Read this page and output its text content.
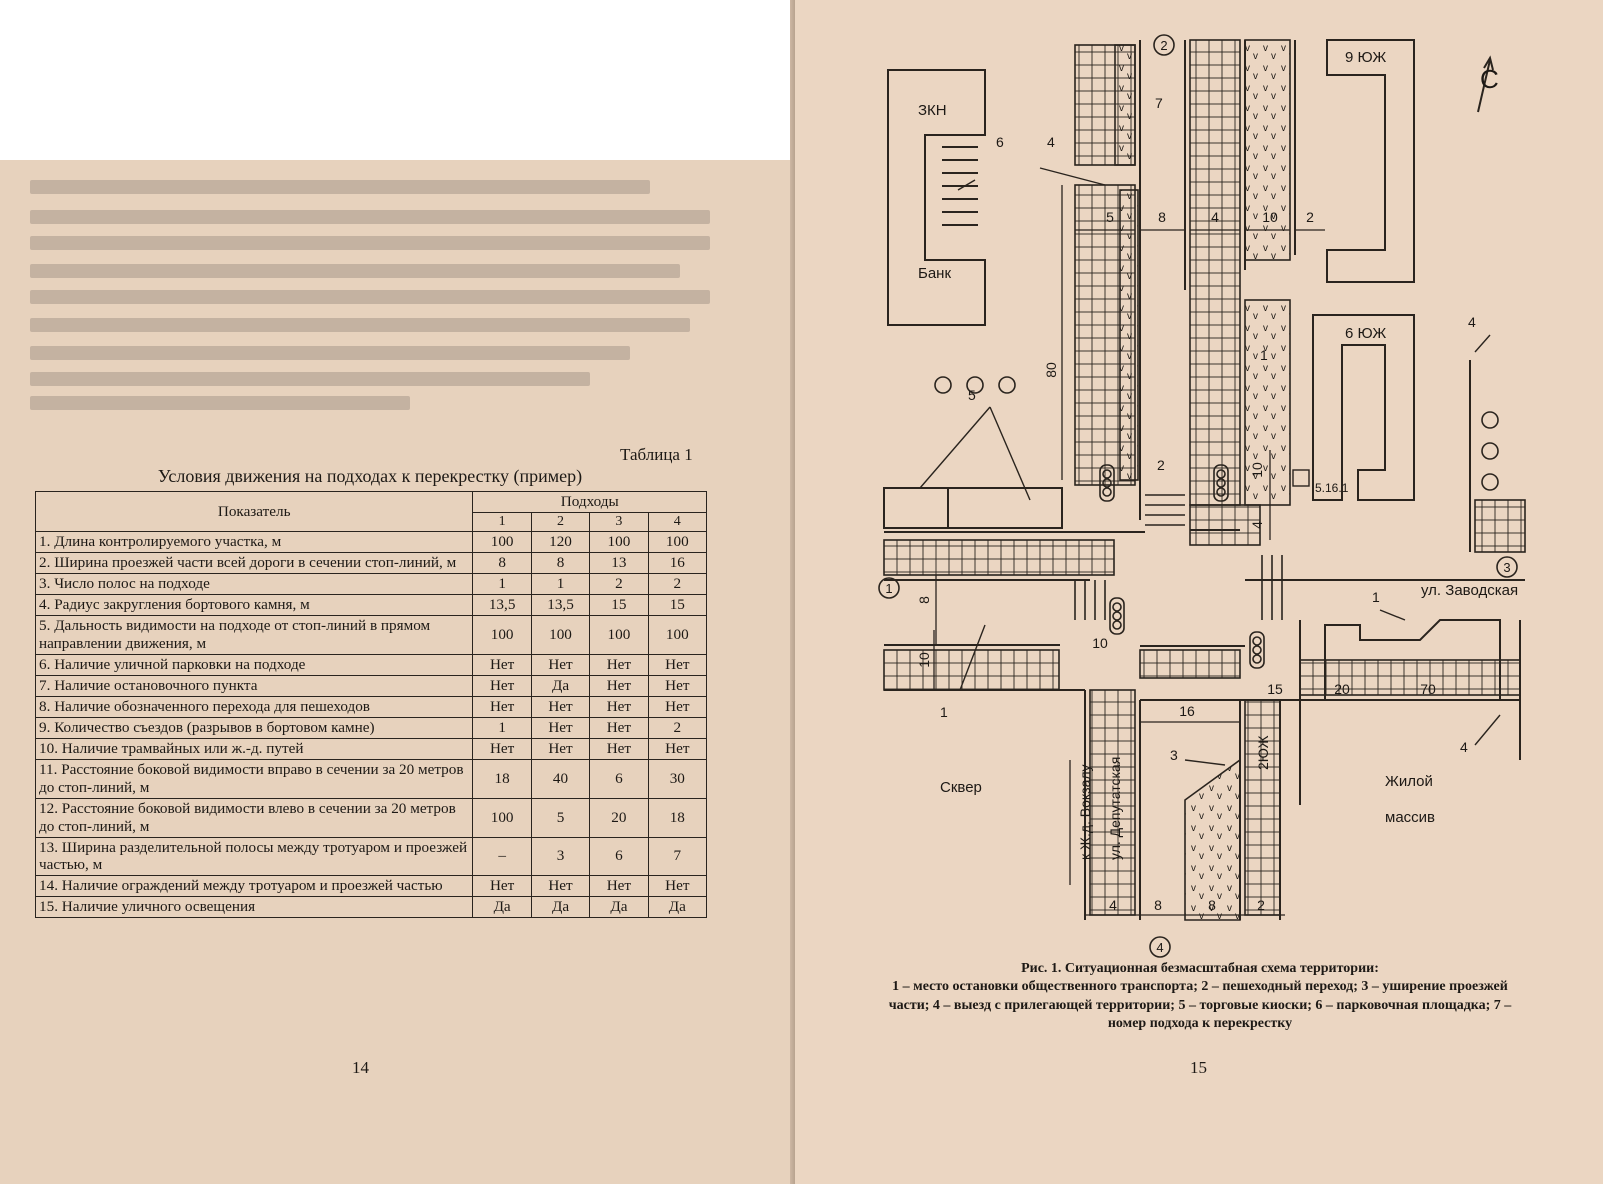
Таблица 1
Условия движения на подходах к перекрестку (пример)
Показатель	Подходы			
	1	2	3	4
1. Длина контролируемого участка, м	100	120	100	100
2. Ширина проезжей части всей дороги в сечении стоп-линий, м	8	8	13	16
3. Число полос на подходе	1	1	2	2
4. Радиус закругления бортового камня, м	13,5	13,5	15	15
5. Дальность видимости на подходе от стоп-линий в прямом направлении движения, м	100	100	100	100
6. Наличие уличной парковки на подходе	Нет	Нет	Нет	Нет
7. Наличие остановочного пункта	Нет	Да	Нет	Нет
8. Наличие обозначенного перехода для пешеходов	Нет	Нет	Нет	Нет
9. Количество съездов (разрывов в бортовом камне)	1	Нет	Нет	2
10. Наличие трамвайных или ж.-д. путей	Нет	Нет	Нет	Нет
11. Расстояние боковой видимости вправо в сечении за 20 метров до стоп-линий, м	18	40	6	30
12. Расстояние боковой видимости влево в сечении за 20 метров до стоп-линий, м	100	5	20	18
13. Ширина разделительной полосы между тротуаром и проезжей частью, м	–	3	6	7
14. Наличие ограждений между тротуаром и проезжей частью	Нет	Нет	Нет	Нет
15. Наличие уличного освещения	Да	Да	Да	Да
14
1
2
3
4
ЗКН
Банк
9 ЮЖ
6 ЮЖ
ул. Заводская
Сквер	Жилой
массив
ул. Депутатская
к Ж.д. Вокзалу
2ЮЖ
С
7
6	4
5
2
1
4
1
1
3	4
5	8	4	10 2
80
10
4
8
10
10
15	20	70
16
4	8	8	2
5.16.1
Рис. 1. Ситуационная безмасштабная схема территории:
1 – место остановки общественного транспорта; 2 – пешеходный переход; 3 – уширение проезжей части; 4 – выезд с прилегающей территории; 5 – торговые киоски; 6 – парковочная площадка; 7 – номер подхода к перекрестку
15
